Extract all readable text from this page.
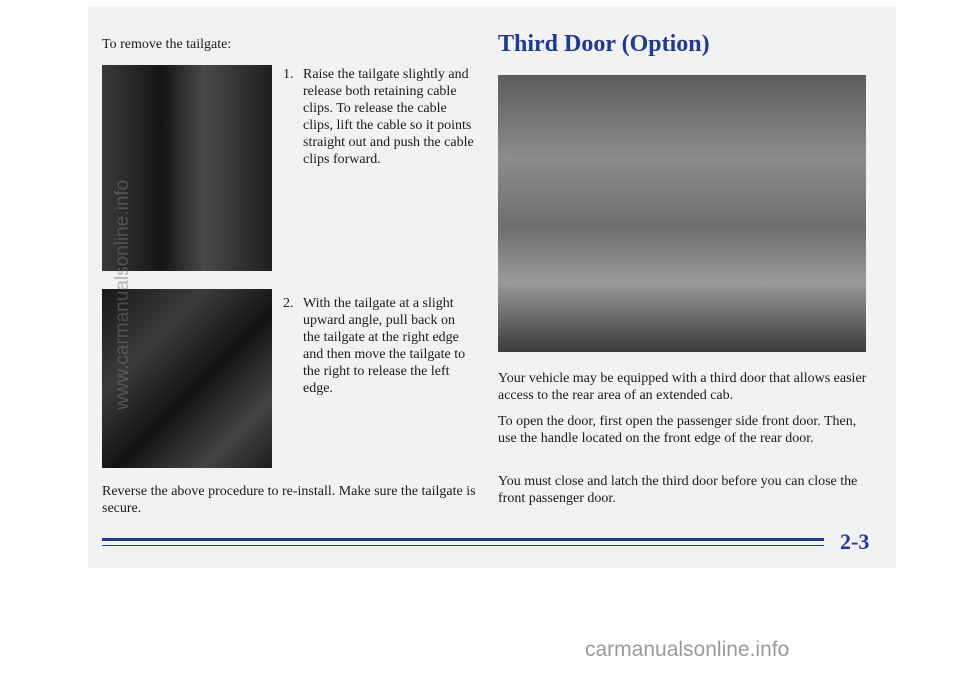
To remove the tailgate:

1. Raise the tailgate slightly and release both retaining cable clips. To release the cable clips, lift the cable so it points straight out and push the cable clips forward.
2. With the tailgate at a slight upward angle, pull back on the tailgate at the right edge and then move the tailgate to the right to release the left edge.

Reverse the above procedure to re-install. Make sure the tailgate is secure.

Third Door (Option)

Your vehicle may be equipped with a third door that allows easier access to the rear area of an extended cab.

To open the door, first open the passenger side front door. Then, use the handle located on the front edge of the rear door.

You must close and latch the third door before you can close the front passenger door.

2-3

www.carmanualsonline.info
carmanualsonline.info
